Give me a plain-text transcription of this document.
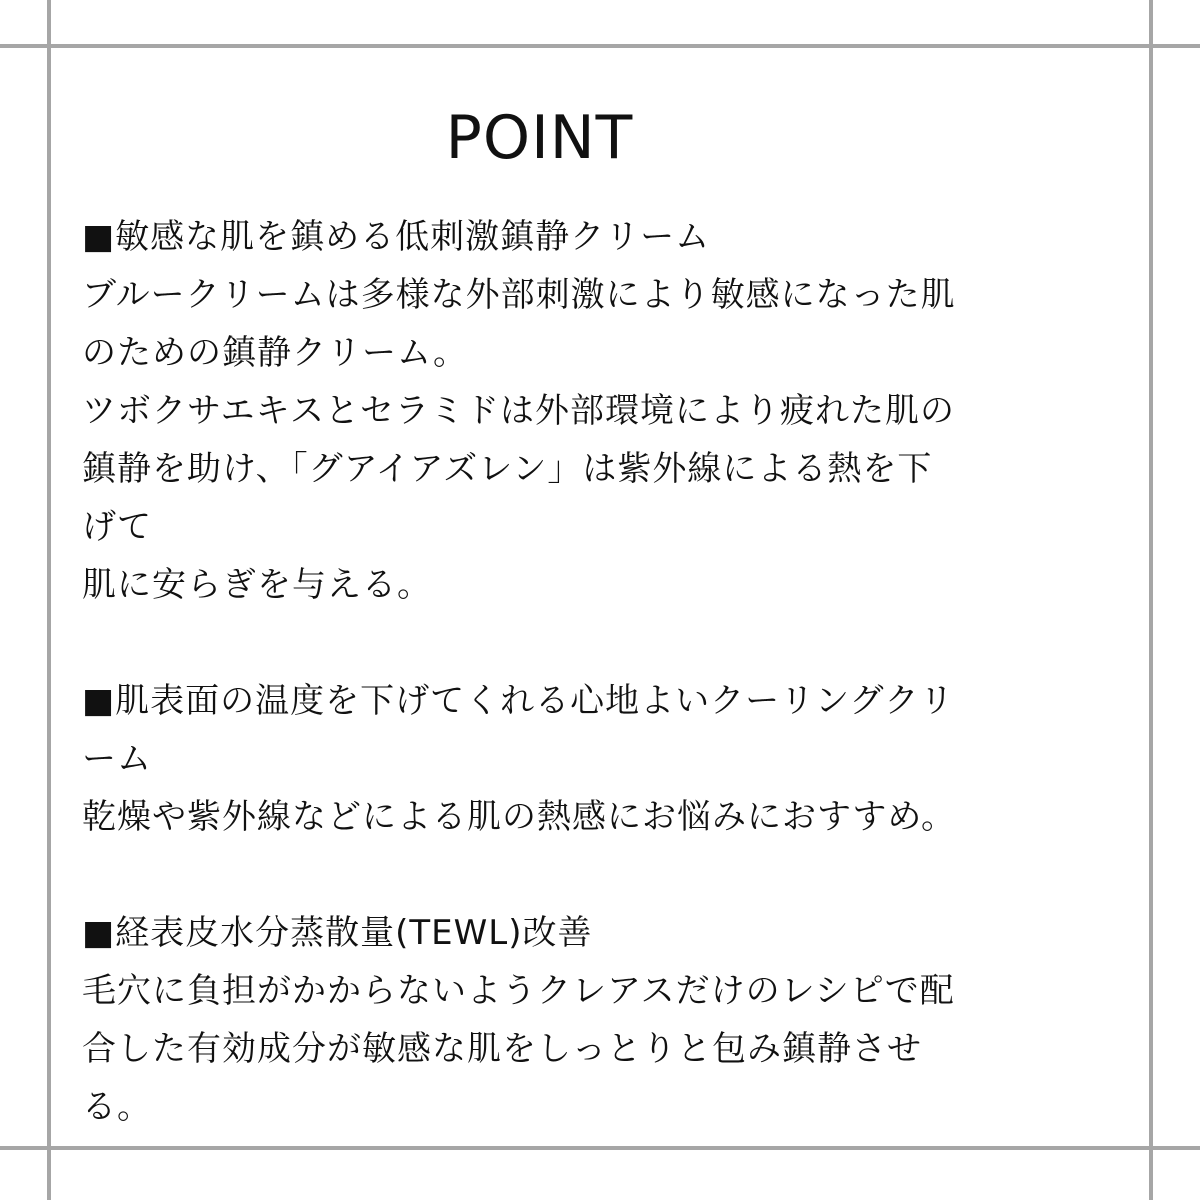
POINT
■敏感な肌を鎮める低刺激鎮静クリーム
ブルークリームは多様な外部刺激により敏感になった肌
のための鎮静クリーム。
ツボクサエキスとセラミドは外部環境により疲れた肌の
鎮静を助け、「グアイアズレン」は紫外線による熱を下
げて
肌に安らぎを与える。
■肌表面の温度を下げてくれる心地よいクーリングクリ
ーム
乾燥や紫外線などによる肌の熱感にお悩みにおすすめ。
■経表皮水分蒸散量(TEWL)改善
毛穴に負担がかからないようクレアスだけのレシピで配
合した有効成分が敏感な肌をしっとりと包み鎮静させ
る。
